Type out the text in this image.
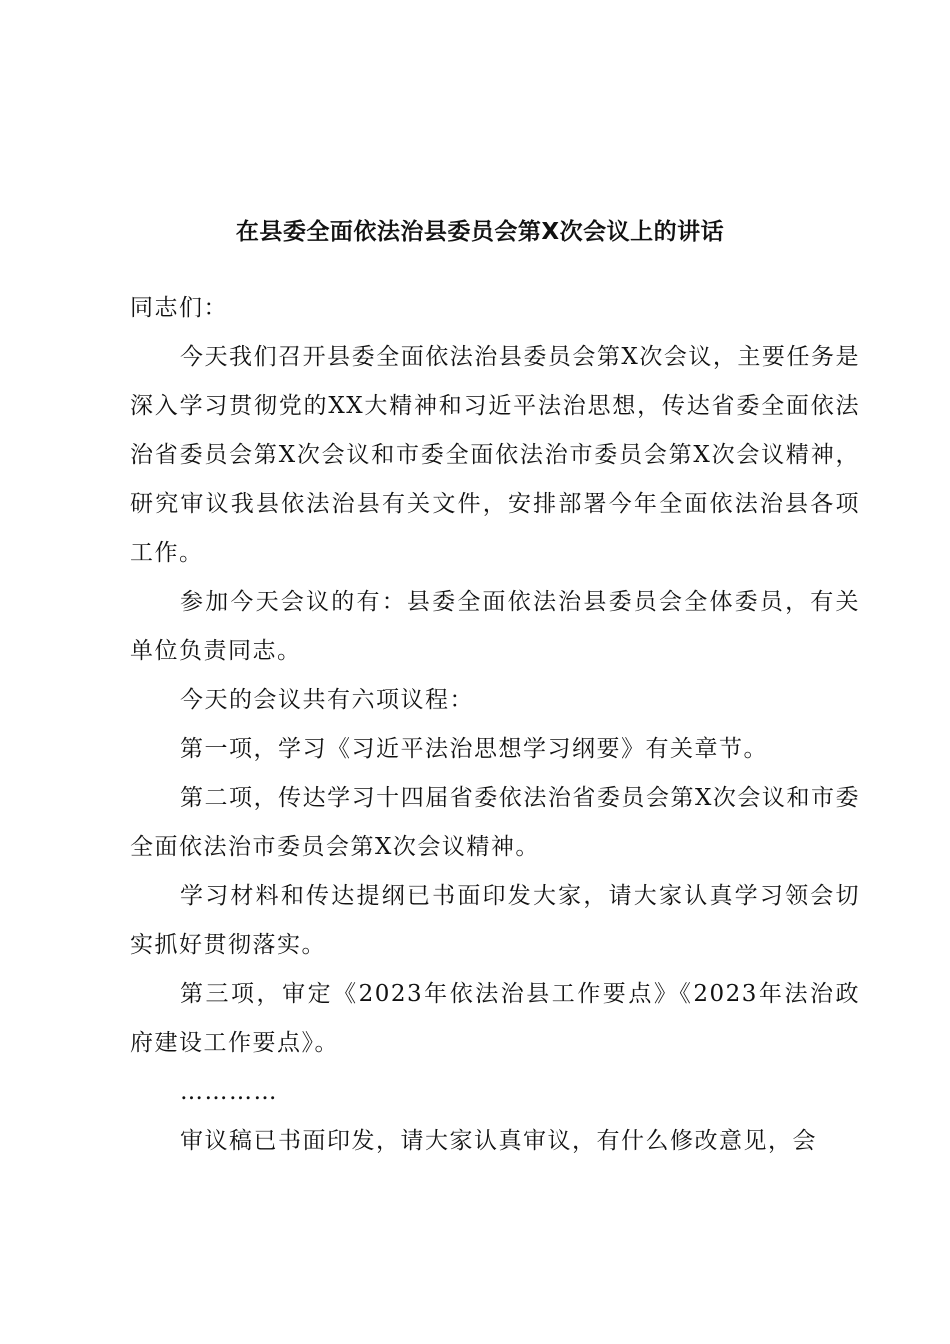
在县委全面依法治县委员会第X次会议上的讲话

同志们：

今天我们召开县委全面依法治县委员会第X次会议，主要任务是深入学习贯彻党的XX大精神和习近平法治思想，传达省委全面依法治省委员会第X次会议和市委全面依法治市委员会第X次会议精神，研究审议我县依法治县有关文件，安排部署今年全面依法治县各项工作。

参加今天会议的有：县委全面依法治县委员会全体委员，有关单位负责同志。

今天的会议共有六项议程：

第一项，学习《习近平法治思想学习纲要》有关章节。

第二项，传达学习十四届省委依法治省委员会第X次会议和市委全面依法治市委员会第X次会议精神。

学习材料和传达提纲已书面印发大家，请大家认真学习领会切实抓好贯彻落实。

第三项，审定《2023年依法治县工作要点》《2023年法治政府建设工作要点》。

…………

审议稿已书面印发，请大家认真审议，有什么修改意见，会
